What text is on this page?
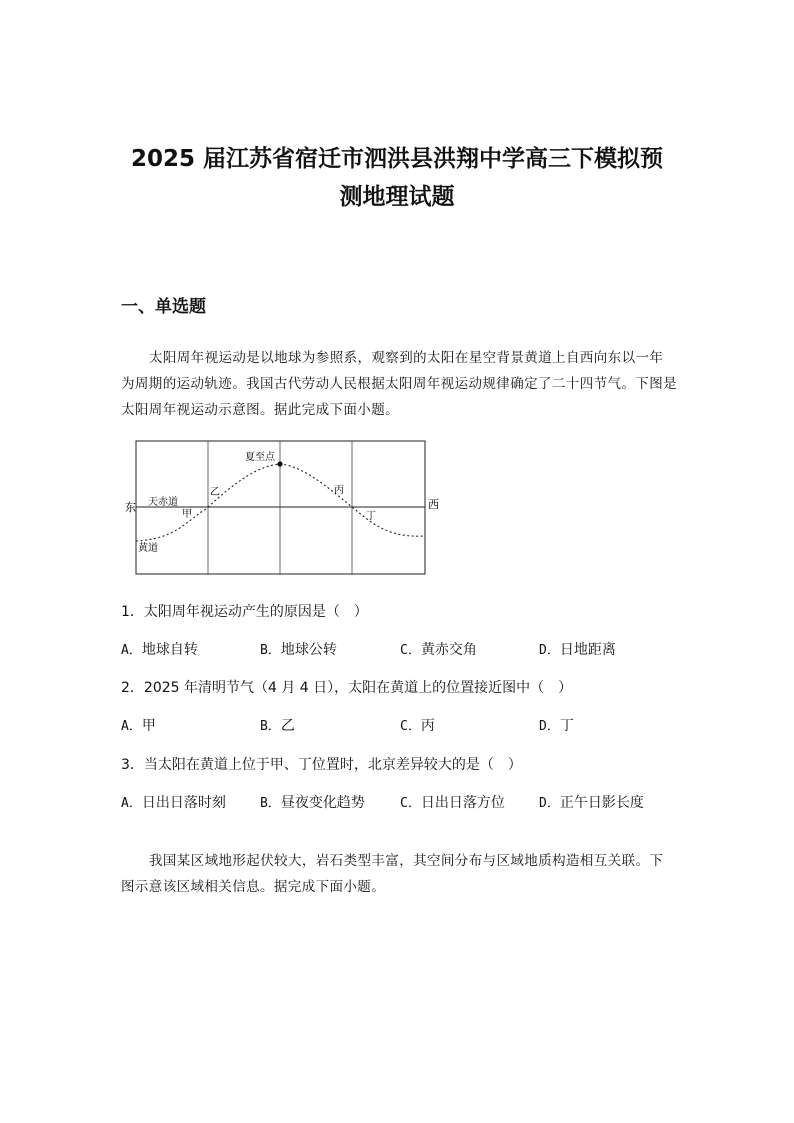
2025 届江苏省宿迁市泗洪县洪翔中学高三下模拟预
测地理试题
一、单选题

太阳周年视运动是以地球为参照系，观察到的太阳在星空背景黄道上自西向东以一年为周期的运动轨迹。我国古代劳动人民根据太阳周年视运动规律确定了二十四节气。下图是太阳周年视运动示意图。据此完成下面小题。

东	西
夏至点
天赤道
黄道
甲
乙	丙
丁

1．太阳周年视运动产生的原因是（　）

A．地球自转	B．地球公转	C．黄赤交角	D．日地距离

2．2025 年清明节气（4 月 4 日），太阳在黄道上的位置接近图中（　）

A．甲	B．乙	C．丙	D．丁

3．当太阳在黄道上位于甲、丁位置时，北京差异较大的是（　）

A．日出日落时刻	B．昼夜变化趋势	C．日出日落方位	D．正午日影长度

我国某区域地形起伏较大，岩石类型丰富，其空间分布与区域地质构造相互关联。下图示意该区域相关信息。据完成下面小题。
